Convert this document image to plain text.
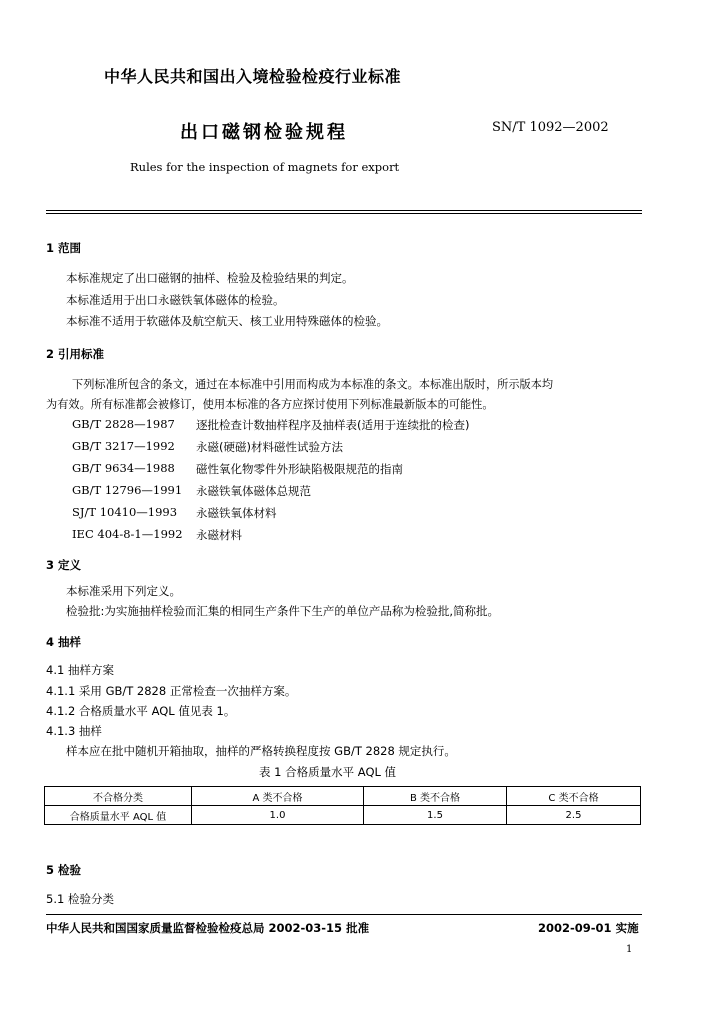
中华人民共和国出入境检验检疫行业标准
出口磁钢检验规程	SN/T 1092—2002
Rules for the inspection of magnets for export
1 范围
本标准规定了出口磁钢的抽样、检验及检验结果的判定。
本标准适用于出口永磁铁氧体磁体的检验。
本标准不适用于软磁体及航空航天、核工业用特殊磁体的检验。
2 引用标准
下列标准所包含的条文，通过在本标准中引用而构成为本标准的条文。本标准出版时，所示版本均
为有效。所有标准都会被修订，使用本标准的各方应探讨使用下列标准最新版本的可能性。
GB/T 2828—1987 逐批检查计数抽样程序及抽样表(适用于连续批的检查)
GB/T 3217—1992 永磁(硬磁)材料磁性试验方法
GB/T 9634—1988 磁性氧化物零件外形缺陷极限规范的指南
GB/T 12796—1991 永磁铁氧体磁体总规范
SJ/T 10410—1993 永磁铁氧体材料
IEC 404-8-1—1992 永磁材料
3 定义
本标准采用下列定义。
检验批:为实施抽样检验而汇集的相同生产条件下生产的单位产品称为检验批,简称批。
4 抽样
4.1 抽样方案
4.1.1 采用 GB/T 2828 正常检查一次抽样方案。
4.1.2 合格质量水平 AQL 值见表 1。
4.1.3 抽样
样本应在批中随机开箱抽取，抽样的严格转换程度按 GB/T 2828 规定执行。
表 1 合格质量水平 AQL 值
不合格分类	A 类不合格	B 类不合格	C 类不合格
合格质量水平 AQL 值	1.0	1.5	2.5
5 检验
5.1 检验分类
中华人民共和国国家质量监督检验检疫总局 2002-03-15 批准	2002-09-01 实施
1
